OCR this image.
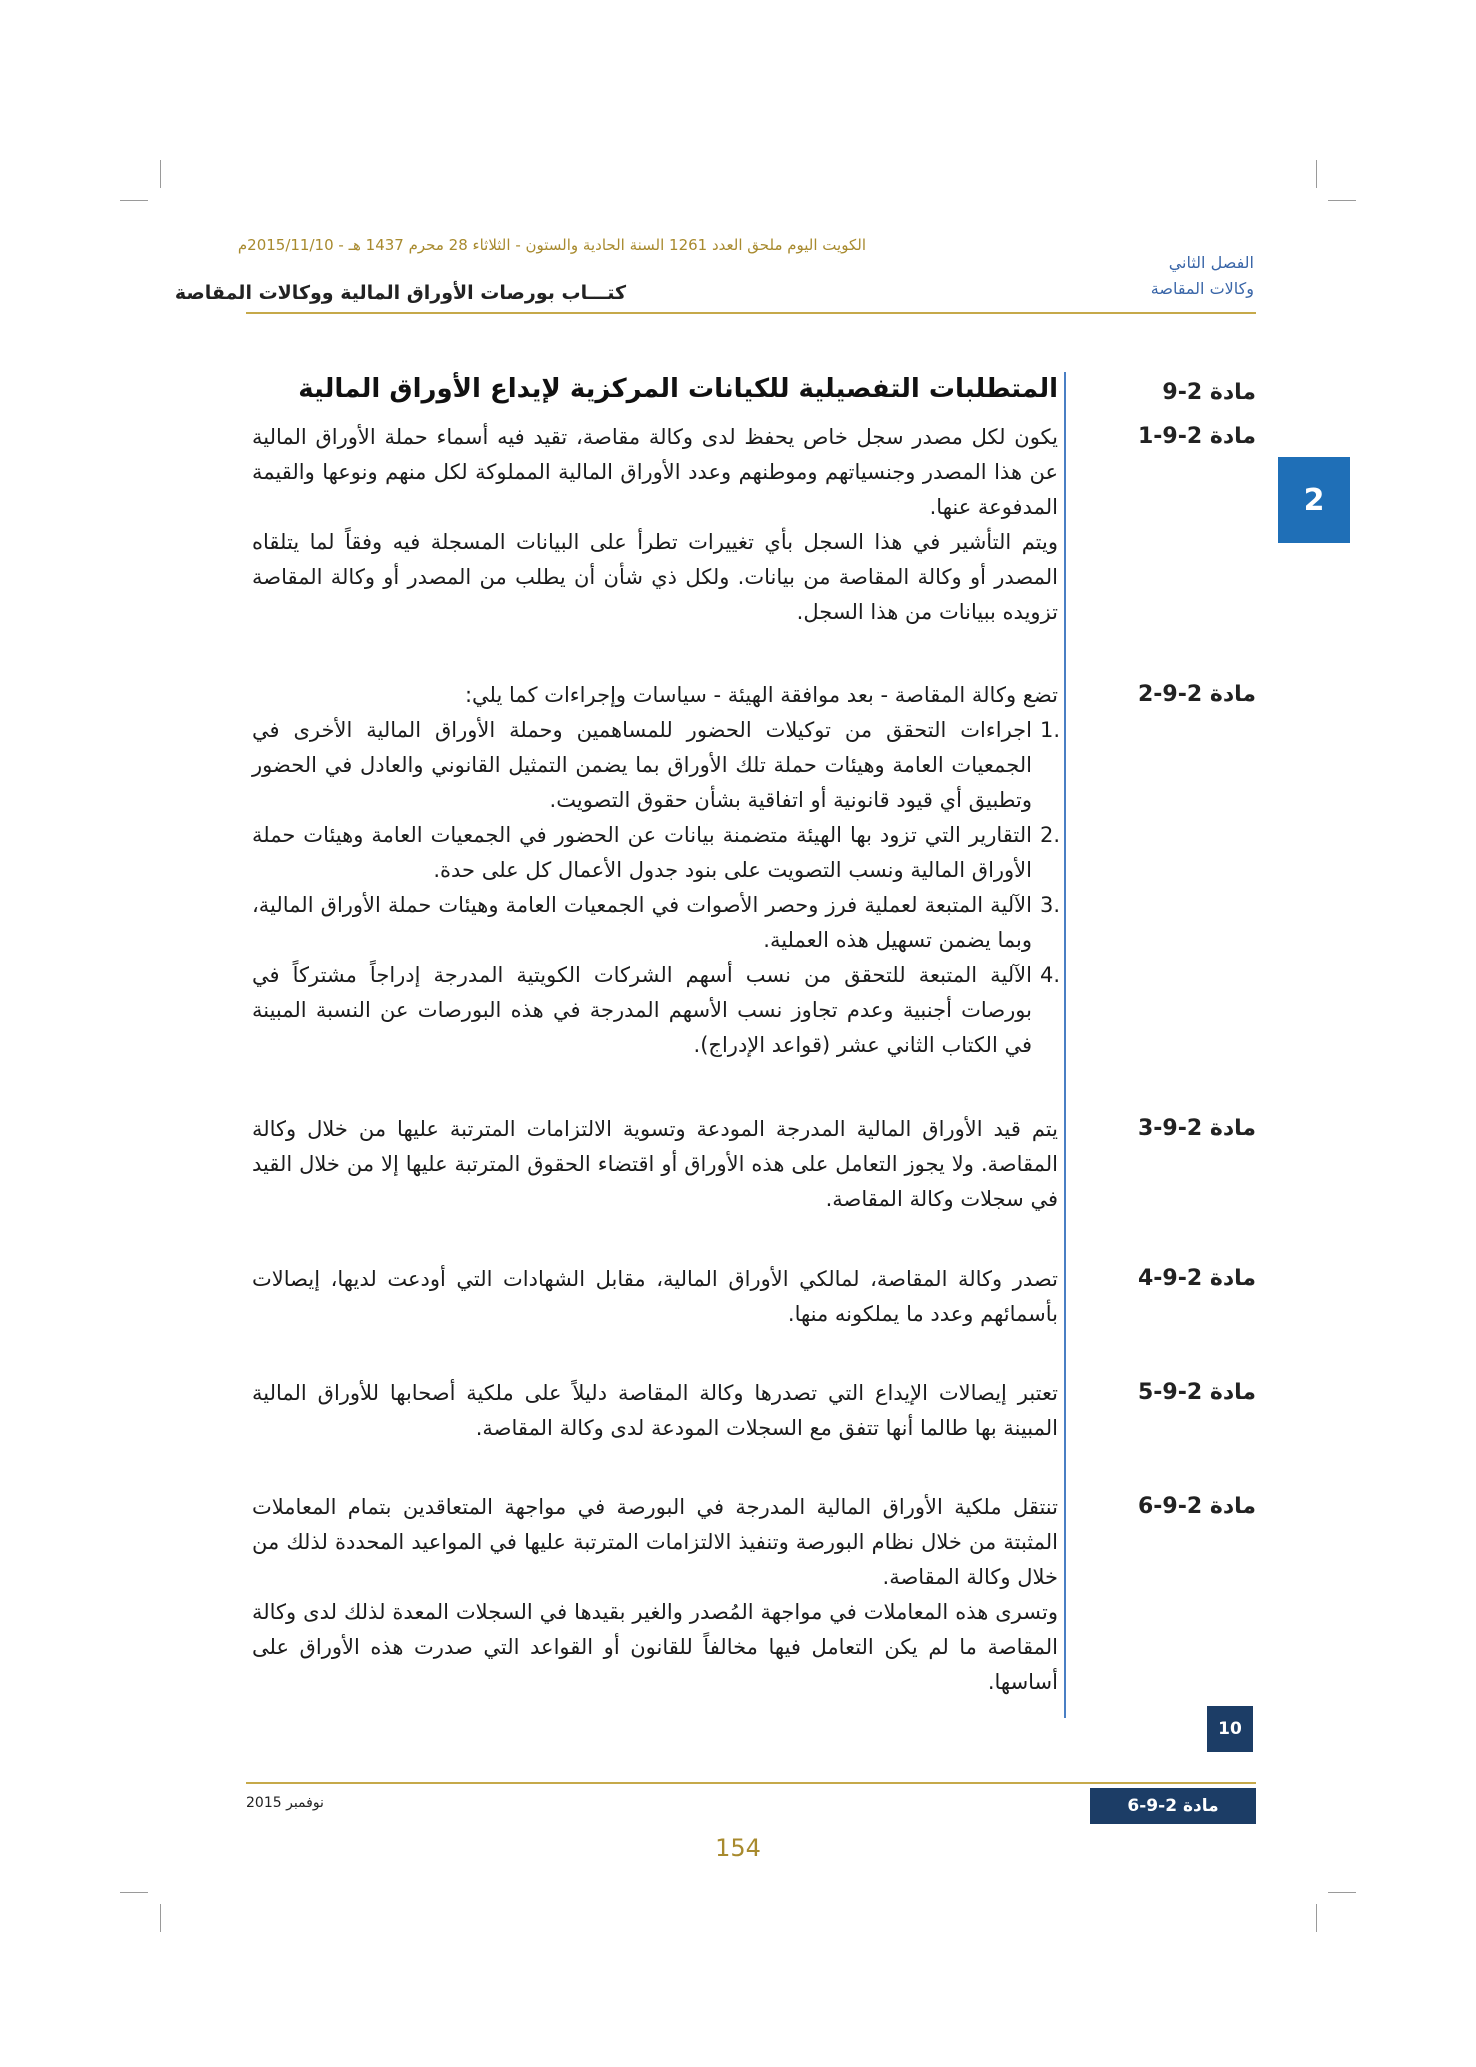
الكويت اليوم ملحق العدد 1261 السنة الحادية والستون - الثلاثاء 28 محرم 1437 هـ - 2015/11/10م
الفصل الثاني
وكالات المقاصة
كتـــاب بورصات الأوراق المالية ووكالات المقاصة
2
مادة 2-9
المتطلبات التفصيلية للكيانات المركزية لإيداع الأوراق المالية
مادة 2-9-1
يكون لكل مصدر سجل خاص يحفظ لدى وكالة مقاصة، تقيد فيه أسماء حملة الأوراق المالية عن هذا المصدر وجنسياتهم وموطنهم وعدد الأوراق المالية المملوكة لكل منهم ونوعها والقيمة المدفوعة عنها.
ويتم التأشير في هذا السجل بأي تغييرات تطرأ على البيانات المسجلة فيه وفقاً لما يتلقاه المصدر أو وكالة المقاصة من بيانات. ولكل ذي شأن أن يطلب من المصدر أو وكالة المقاصة تزويده ببيانات من هذا السجل.
مادة 2-9-2
تضع وكالة المقاصة - بعد موافقة الهيئة - سياسات وإجراءات كما يلي:
1.
اجراءات التحقق من توكيلات الحضور للمساهمين وحملة الأوراق المالية الأخرى في الجمعيات العامة وهيئات حملة تلك الأوراق بما يضمن التمثيل القانوني والعادل في الحضور وتطبيق أي قيود قانونية أو اتفاقية بشأن حقوق التصويت.
2.
التقارير التي تزود بها الهيئة متضمنة بيانات عن الحضور في الجمعيات العامة وهيئات حملة الأوراق المالية ونسب التصويت على بنود جدول الأعمال كل على حدة.
3.
الآلية المتبعة لعملية فرز وحصر الأصوات في الجمعيات العامة وهيئات حملة الأوراق المالية، وبما يضمن تسهيل هذه العملية.
4.
الآلية المتبعة للتحقق من نسب أسهم الشركات الكويتية المدرجة إدراجاً مشتركاً في بورصات أجنبية وعدم تجاوز نسب الأسهم المدرجة في هذه البورصات عن النسبة المبينة في الكتاب الثاني عشر (قواعد الإدراج).
مادة 2-9-3
يتم قيد الأوراق المالية المدرجة المودعة وتسوية الالتزامات المترتبة عليها من خلال وكالة المقاصة. ولا يجوز التعامل على هذه الأوراق أو اقتضاء الحقوق المترتبة عليها إلا من خلال القيد في سجلات وكالة المقاصة.
مادة 2-9-4
تصدر وكالة المقاصة، لمالكي الأوراق المالية، مقابل الشهادات التي أودعت لديها، إيصالات بأسمائهم وعدد ما يملكونه منها.
مادة 2-9-5
تعتبر إيصالات الإيداع التي تصدرها وكالة المقاصة دليلاً على ملكية أصحابها للأوراق المالية المبينة بها طالما أنها تتفق مع السجلات المودعة لدى وكالة المقاصة.
مادة 2-9-6
تنتقل ملكية الأوراق المالية المدرجة في البورصة في مواجهة المتعاقدين بتمام المعاملات المثبتة من خلال نظام البورصة وتنفيذ الالتزامات المترتبة عليها في المواعيد المحددة لذلك من خلال وكالة المقاصة.
وتسرى هذه المعاملات في مواجهة المُصدر والغير بقيدها في السجلات المعدة لذلك لدى وكالة المقاصة ما لم يكن التعامل فيها مخالفاً للقانون أو القواعد التي صدرت هذه الأوراق على أساسها.
10
نوفمبر 2015	مادة 2-9-6
154
